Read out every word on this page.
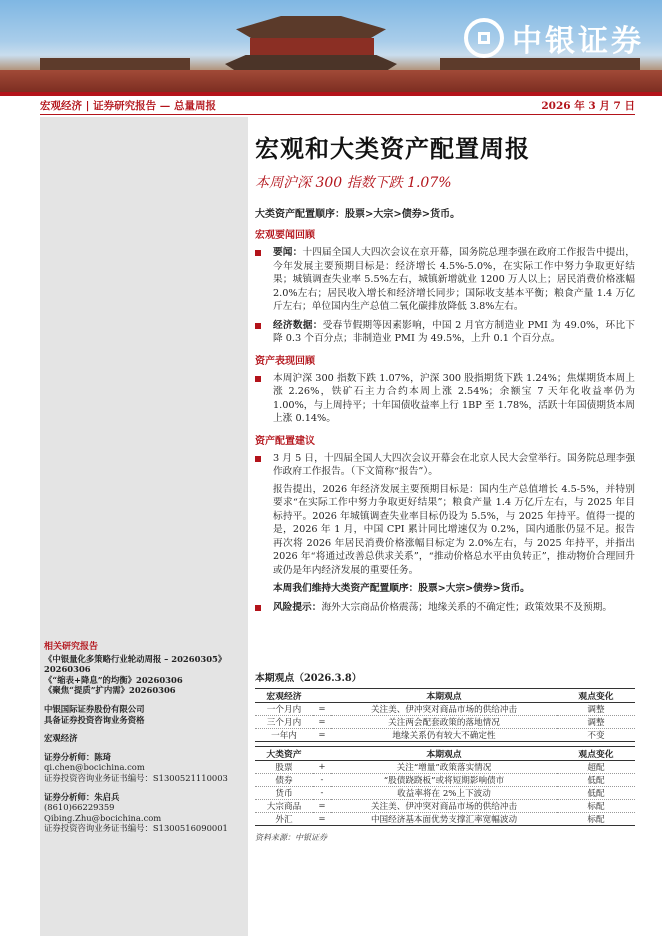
中银证券
宏观经济 | 证券研究报告 — 总量周报	2026 年 3 月 7 日
相关研究报告
《中银量化多策略行业轮动周报 – 20260305》20260306
《“缩表+降息”的均衡》20260306
《聚焦“提质”扩内需》20260306
中银国际证券股份有限公司
具备证券投资咨询业务资格
宏观经济
证券分析师：陈琦
qi.chen@bocichina.com
证券投资咨询业务证书编号：S1300521110003
证券分析师：朱启兵
(8610)66229359
Qibing.Zhu@bocichina.com
证券投资咨询业务证书编号：S1300516090001
宏观和大类资产配置周报
本周沪深 300 指数下跌 1.07%
大类资产配置顺序：股票>大宗>债券>货币。
宏观要闻回顾
要闻：十四届全国人大四次会议在京开幕，国务院总理李强在政府工作报告中提出，今年发展主要预期目标是：经济增长 4.5%-5.0%，在实际工作中努力争取更好结果；城镇调查失业率 5.5%左右，城镇新增就业 1200 万人以上；居民消费价格涨幅 2.0%左右；居民收入增长和经济增长同步；国际收支基本平衡；粮食产量 1.4 万亿斤左右；单位国内生产总值二氧化碳排放降低 3.8%左右。
经济数据：受春节假期等因素影响，中国 2 月官方制造业 PMI 为 49.0%，环比下降 0.3 个百分点；非制造业 PMI 为 49.5%，上升 0.1 个百分点。
资产表现回顾
本周沪深 300 指数下跌 1.07%，沪深 300 股指期货下跌 1.24%；焦煤期货本周上涨 2.26%，铁矿石主力合约本周上涨 2.54%；余额宝 7 天年化收益率仍为 1.00%，与上周持平；十年国债收益率上行 1BP 至 1.78%，活跃十年国债期货本周上涨 0.14%。
资产配置建议
3 月 5 日，十四届全国人大四次会议开幕会在北京人民大会堂举行。国务院总理李强作政府工作报告。（下文简称“报告”）。
报告提出，2026 年经济发展主要预期目标是：国内生产总值增长 4.5-5%，并特别要求“在实际工作中努力争取更好结果”；粮食产量 1.4 万亿斤左右，与 2025 年目标持平。2026 年城镇调查失业率目标仍设为 5.5%，与 2025 年持平。值得一提的是，2026 年 1 月，中国 CPI 累计同比增速仅为 0.2%，国内通胀仍显不足。报告再次将 2026 年居民消费价格涨幅目标定为 2.0%左右，与 2025 年持平，并指出 2026 年“将通过改善总供求关系”，“推动价格总水平由负转正”，推动物价合理回升或仍是年内经济发展的重要任务。
本周我们维持大类资产配置顺序：股票>大宗>债券>货币。
风险提示：海外大宗商品价格震荡；地缘关系的不确定性；政策效果不及预期。
本期观点（2026.3.8）
宏观经济		本期观点	观点变化
一个月内	=	关注美、伊冲突对商品市场的供给冲击	调整
三个月内	=	关注两会配套政策的落地情况	调整
一年内	=	地缘关系仍有较大不确定性	不变
大类资产		本期观点	观点变化
股票	+	关注“增量”政策落实情况	超配
债券	-	“股债跷跷板”或将短期影响债市	低配
货币	-	收益率将在 2%上下波动	低配
大宗商品	=	关注美、伊冲突对商品市场的供给冲击	标配
外汇	=	中国经济基本面优势支撑汇率宽幅波动	标配
资料来源：中银证券
